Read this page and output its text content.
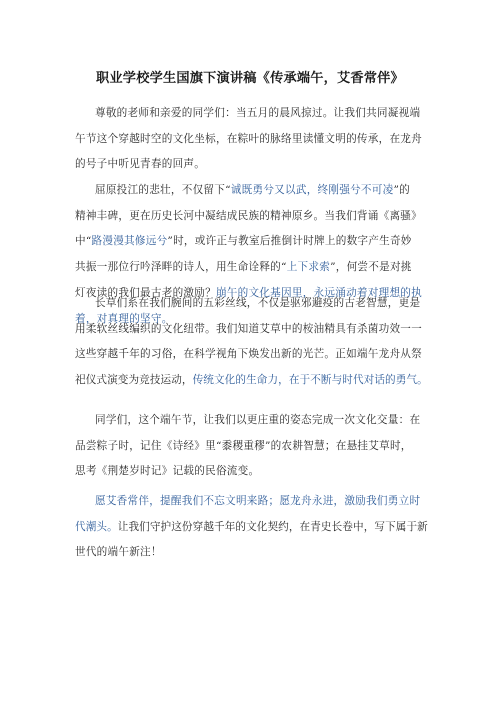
职业学校学生国旗下演讲稿《传承端午，艾香常伴》
尊敬的老师和亲爱的同学们：当五月的晨风掠过。让我们共同凝视端
午节这个穿越时空的文化坐标，在粽叶的脉络里读懂文明的传承，在龙舟
的号子中听见青春的回声。
屈原投江的悲壮，不仅留下“诚既勇兮又以武，终刚强兮不可凌”的
精神丰碑，更在历史长河中凝结成民族的精神原乡。当我们背诵《离骚》
中“路漫漫其修远兮”时，或许正与教室后推倒计时牌上的数字产生奇妙
共振一那位行吟泽畔的诗人，用生命诠释的“上下求索”，何尝不是对挑
灯夜读的我们最古老的激励？崩午的文化基因里，永远涌动着对理想的执
着，对真理的坚守。
长草们系在我们腕间的五彩丝线，不仅是驱邪避疫的古老智慧，更是
用柔软丝线编织的文化纽带。我们知道艾草中的桉油精具有杀菌功效一一
这些穿越千年的习俗，在科学视角下焕发出新的光芒。正如端午龙舟从祭
祀仪式演变为竞技运动，传统文化的生命力，在于不断与时代对话的勇气。
同学们，这个端午节，让我们以更庄重的姿态完成一次文化交量：在
品尝粽子时，记住《诗经》里“黍稷重穋”的农耕智慧；在悬挂艾草时，
思考《荆楚岁时记》记载的民俗流变。
愿艾香常伴，提醒我们不忘文明来路；愿龙舟永进，激励我们勇立时
代潮头。让我们守护这份穿越千年的文化契约，在青史长卷中，写下属于新
世代的端午新注！
